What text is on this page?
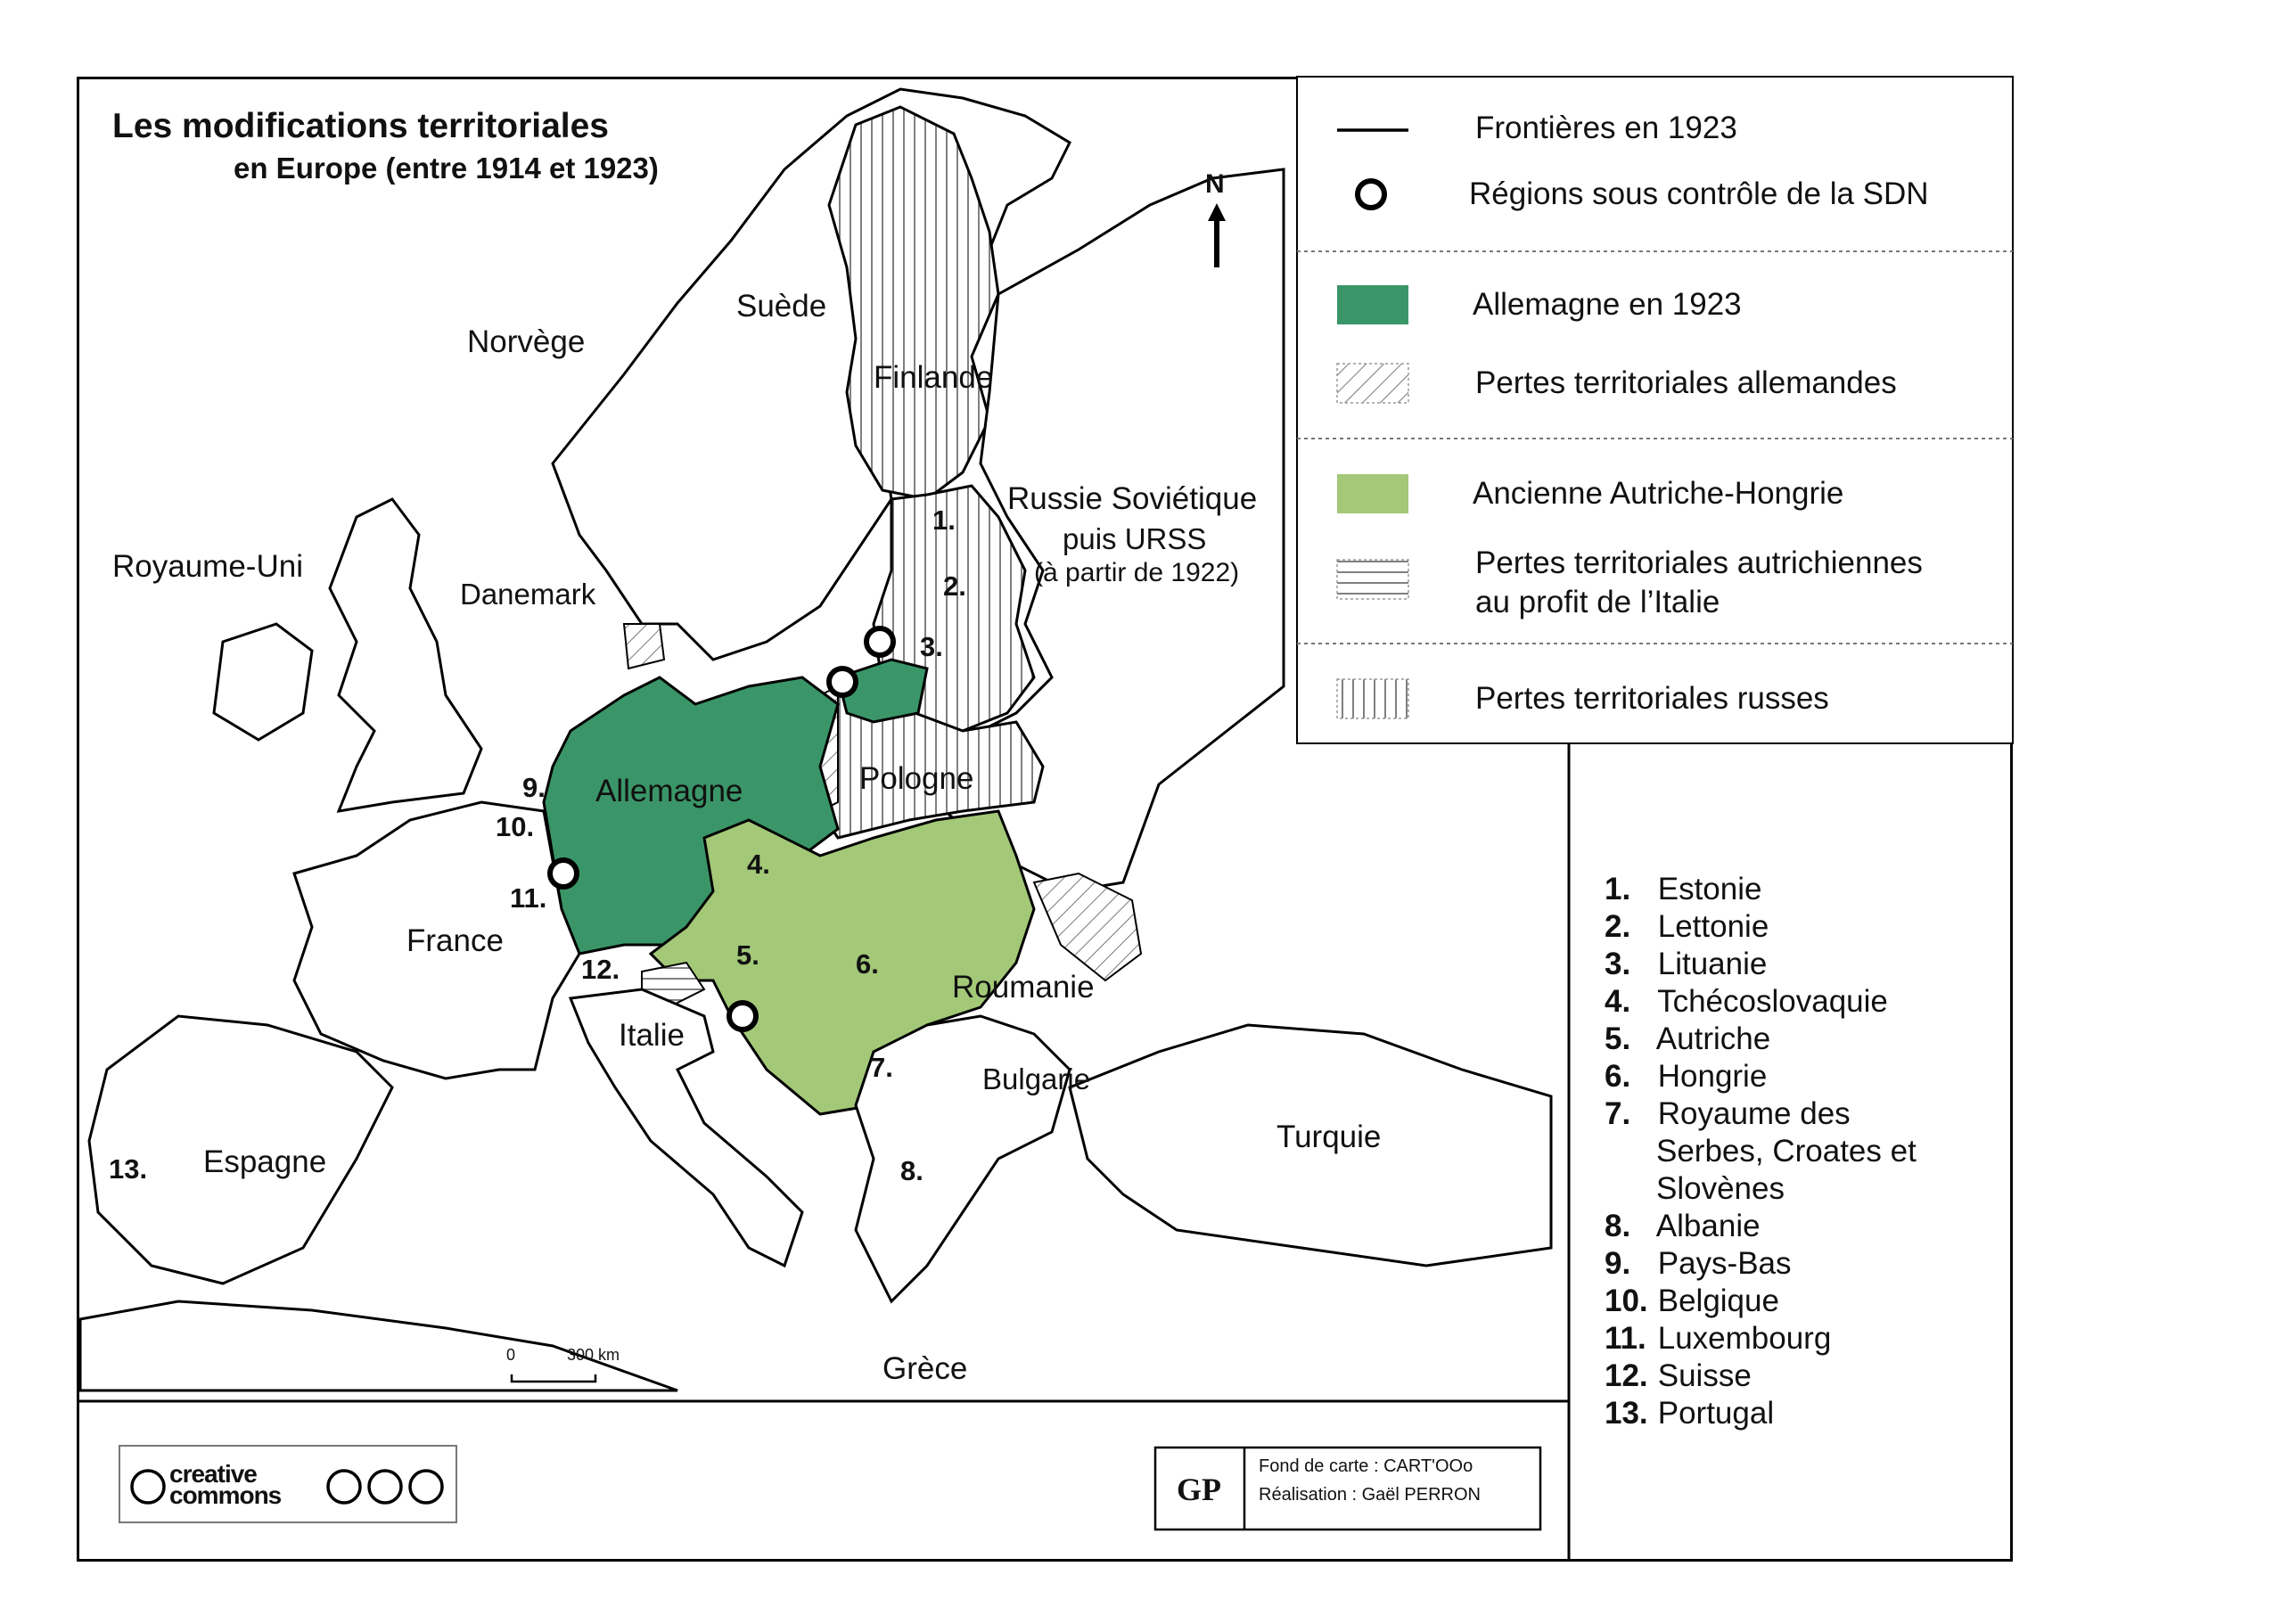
Les modifications territoriales
en Europe (entre 1914 et 1923)	N
Frontières en 1923
Régions sous contrôle de la SDN
Allemagne en 1923
Pertes territoriales allemandes
Ancienne Autriche-Hongrie
Pertes territoriales autrichiennes
au profit de l’Italie
Pertes territoriales russes
Suède
Norvège
Finlande
Russie Soviétique
puis URSS
(à partir de 1922)
Royaume-Uni
Danemark
Allemagne	Pologne
France
Roumanie
Italie
Bulgarie
Turquie
Espagne
Grèce
1.
2.
3.
4.
5.	6.
7.
8.
9.
10.
11.
12.
13.
1. Estonie
2. Lettonie
3. Lituanie
4. Tchécoslovaquie
5. Autriche
6. Hongrie
7. Royaume des
Serbes, Croates et
Slovènes
8. Albanie
9. Pays-Bas
10. Belgique
11. Luxembourg
12. Suisse
13. Portugal
0	300 km
creative commons	GP
Fond de carte : CART'OOo
Réalisation : Gaël PERRON
